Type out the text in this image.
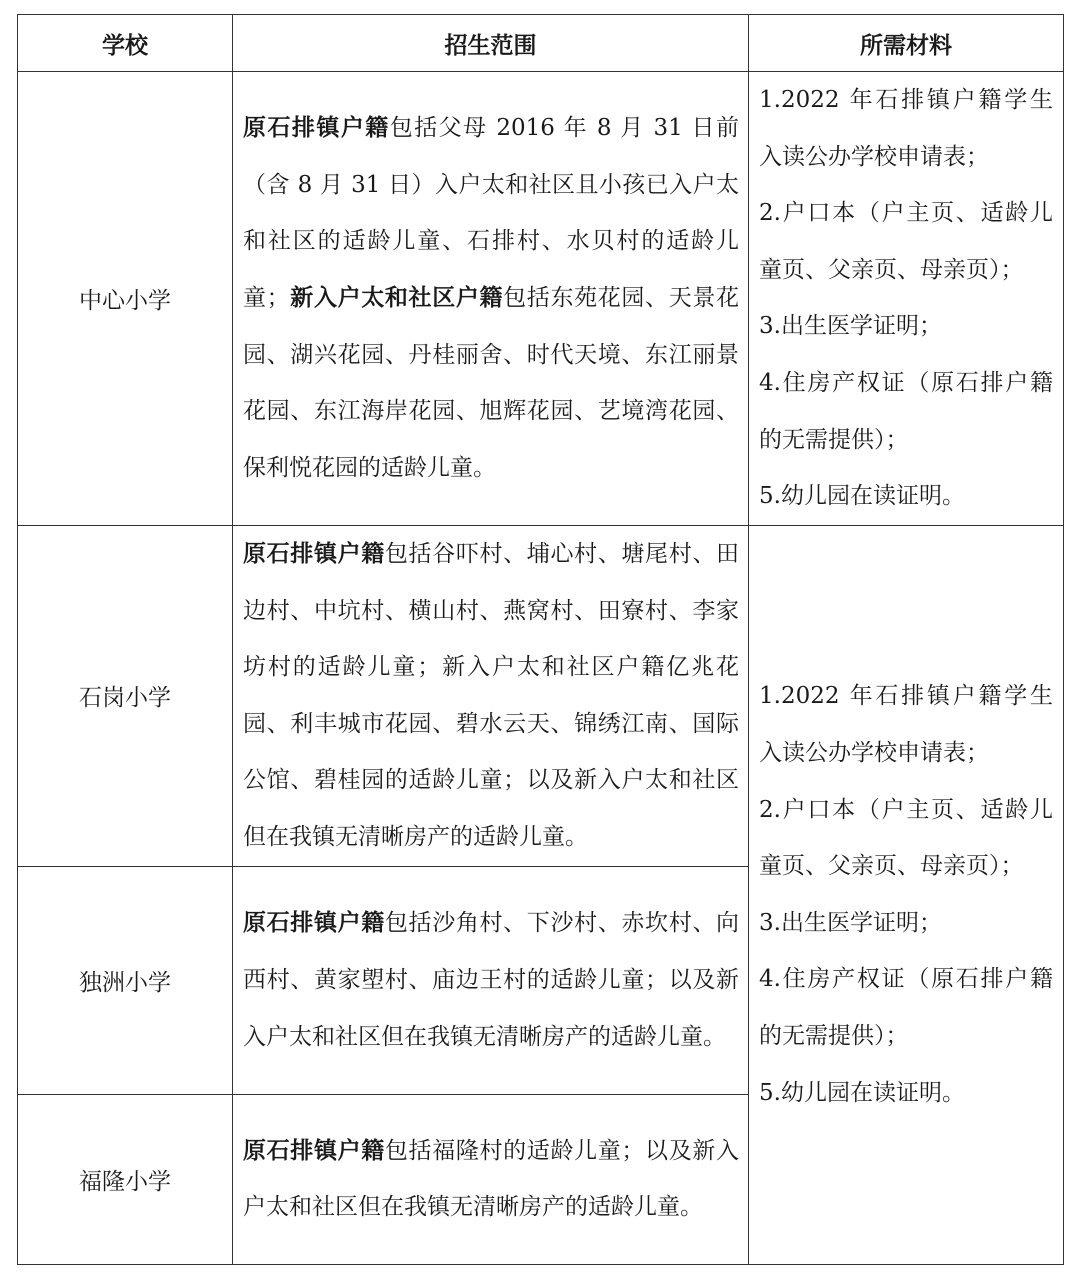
学校	招生范围	所需材料
中心小学	原石排镇户籍包括父母 2016 年 8 月 31 日前（含 8 月 31 日）入户太和社区且小孩已入户太和社区的适龄儿童、石排村、水贝村的适龄儿童；新入户太和社区户籍包括东苑花园、天景花园、湖兴花园、丹桂丽舍、时代天境、东江丽景花园、东江海岸花园、旭辉花园、艺境湾花园、保利悦花园的适龄儿童。	1.2022 年石排镇户籍学生入读公办学校申请表；
2.户口本（户主页、适龄儿童页、父亲页、母亲页）；
3.出生医学证明；
4.住房产权证（原石排户籍的无需提供）；
5.幼儿园在读证明。

石岗小学	原石排镇户籍包括谷吓村、埔心村、塘尾村、田边村、中坑村、横山村、燕窝村、田寮村、李家坊村的适龄儿童；新入户太和社区户籍亿兆花园、利丰城市花园、碧水云天、锦绣江南、国际公馆、碧桂园的适龄儿童；以及新入户太和社区但在我镇无清晰房产的适龄儿童。	1.2022 年石排镇户籍学生入读公办学校申请表；
2.户口本（户主页、适龄儿童页、父亲页、母亲页）；
3.出生医学证明；
4.住房产权证（原石排户籍的无需提供）；
5.幼儿园在读证明。

独洲小学	原石排镇户籍包括沙角村、下沙村、赤坎村、向西村、黄家塱村、庙边王村的适龄儿童；以及新入户太和社区但在我镇无清晰房产的适龄儿童。	
福隆小学	原石排镇户籍包括福隆村的适龄儿童；以及新入户太和社区但在我镇无清晰房产的适龄儿童。	
